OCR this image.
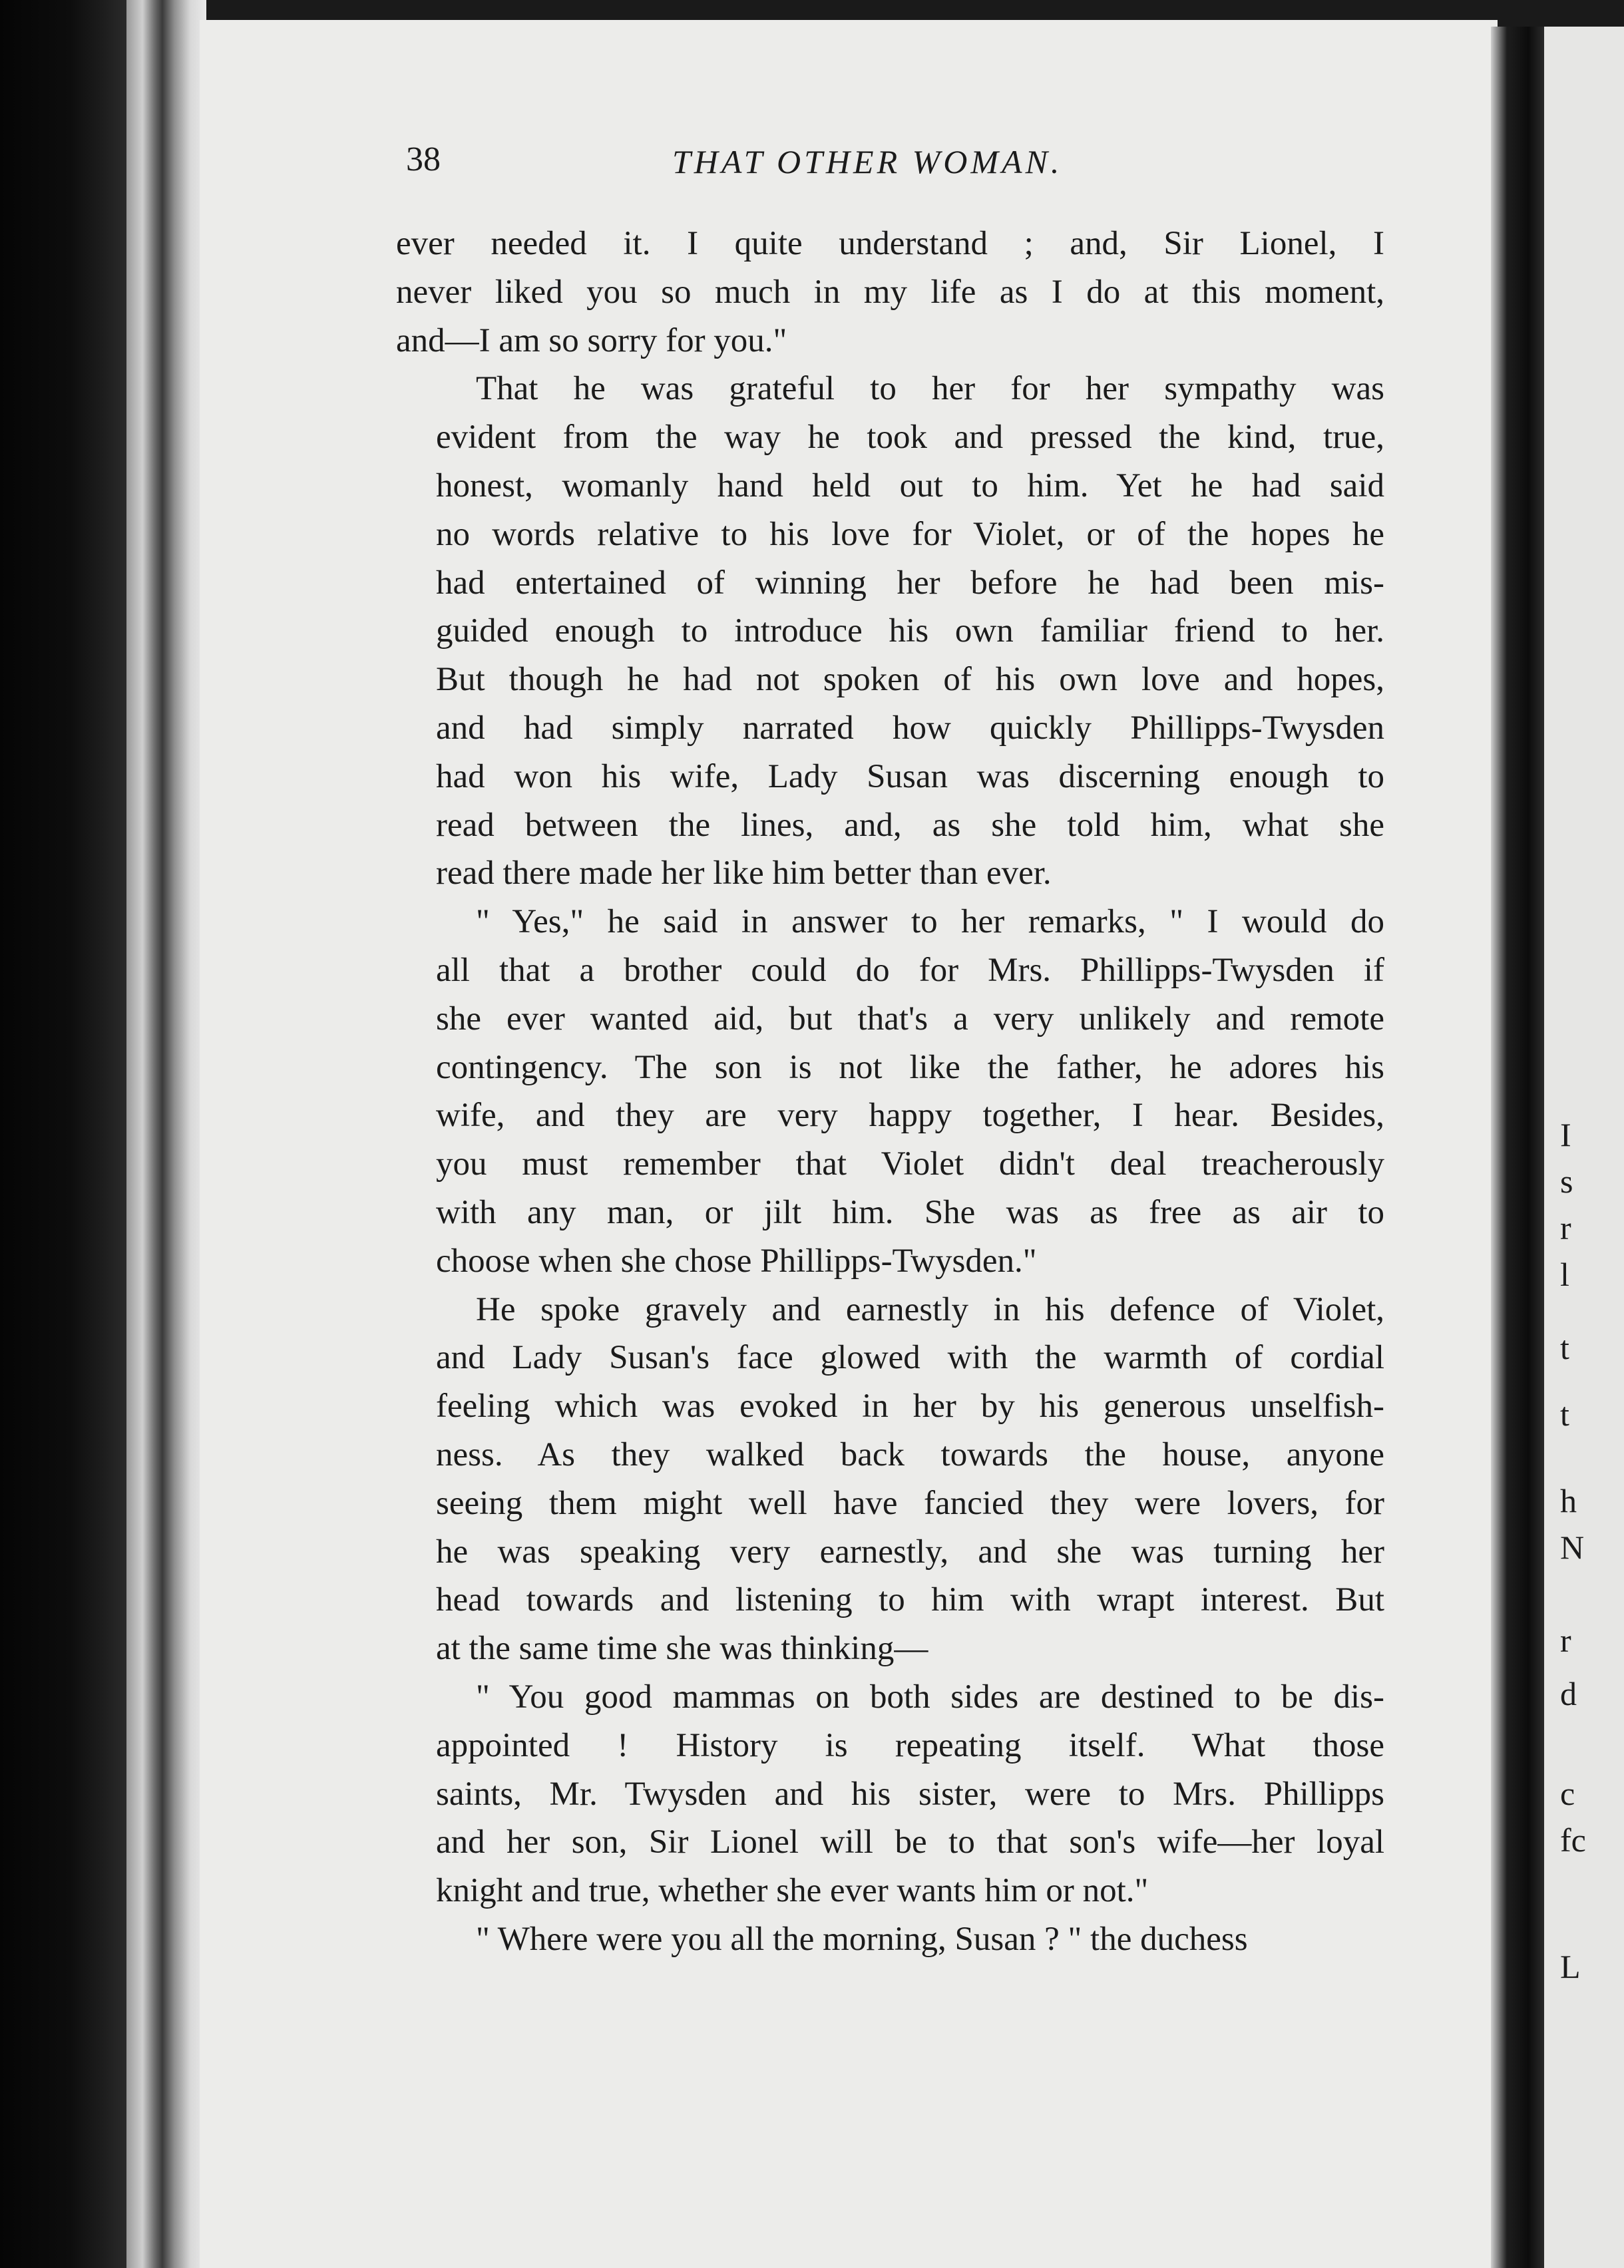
I
s
r
l
t
t
h
N
r
d
c
fc
L
38	THAT OTHER WOMAN.
ever needed it. I quite understand ; and, Sir Lionel, I
never liked you so much in my life as I do at this moment,
and—I am so sorry for you."
That he was grateful to her for her sympathy was
evident from the way he took and pressed the kind, true,
honest, womanly hand held out to him. Yet he had said
no words relative to his love for Violet, or of the hopes he
had entertained of winning her before he had been mis-
guided enough to introduce his own familiar friend to her.
But though he had not spoken of his own love and hopes,
and had simply narrated how quickly Phillipps-Twysden
had won his wife, Lady Susan was discerning enough to
read between the lines, and, as she told him, what she
read there made her like him better than ever.
" Yes," he said in answer to her remarks, " I would do
all that a brother could do for Mrs. Phillipps-Twysden if
she ever wanted aid, but that's a very unlikely and remote
contingency. The son is not like the father, he adores his
wife, and they are very happy together, I hear. Besides,
you must remember that Violet didn't deal treacherously
with any man, or jilt him. She was as free as air to
choose when she chose Phillipps-Twysden."
He spoke gravely and earnestly in his defence of Violet,
and Lady Susan's face glowed with the warmth of cordial
feeling which was evoked in her by his generous unselfish-
ness. As they walked back towards the house, anyone
seeing them might well have fancied they were lovers, for
he was speaking very earnestly, and she was turning her
head towards and listening to him with wrapt interest. But
at the same time she was thinking—
" You good mammas on both sides are destined to be dis-
appointed ! History is repeating itself. What those
saints, Mr. Twysden and his sister, were to Mrs. Phillipps
and her son, Sir Lionel will be to that son's wife—her loyal
knight and true, whether she ever wants him or not."
" Where were you all the morning, Susan ? " the duchess
